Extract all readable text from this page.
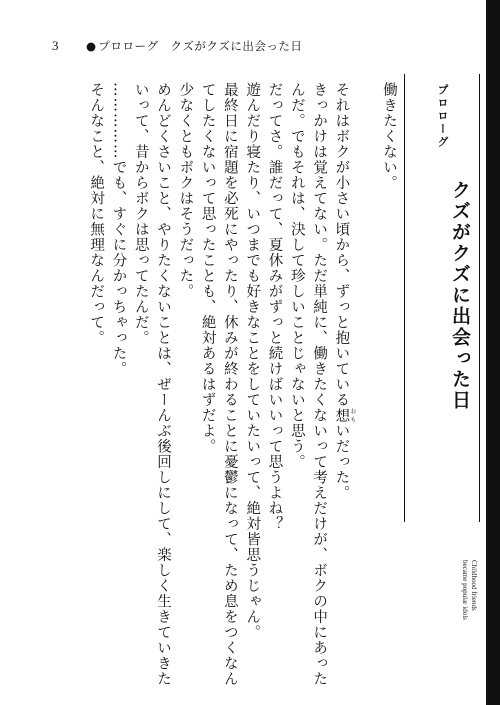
3 ● プロローグ　クズがクズに出会った日

働きたくない。

それはボクが小さい頃から、ずっと抱いている想 おもいだった。

きっかけは覚えてない。ただ単純に、働きたくないって考えだけが、ボクの中にあった

んだ。でもそれは、決して珍しいことじゃないと思う。

だってさ。誰だって、夏休みがずっと続けばいいって思うよね？

遊んだり寝たり、いつまでも好きなことをしていたいって、絶対皆思うじゃん。

最終日に宿題を必死にやったり、休みが終わることに憂鬱になって、ため息をつくなん

てしたくないって思ったことも、絶対あるはずだよ。

少なくともボクはそうだった。

めんどくさいこと、やりたくないことは、ぜーんぶ後回しにして、楽しく生きていきた

いって、昔からボクは思ってたんだ。

……………でも、すぐに分かっちゃった。

そんなこと、絶対に無理なんだって。	プロローグ
クズがクズに出会った日
Childhood friends
became popular idols
